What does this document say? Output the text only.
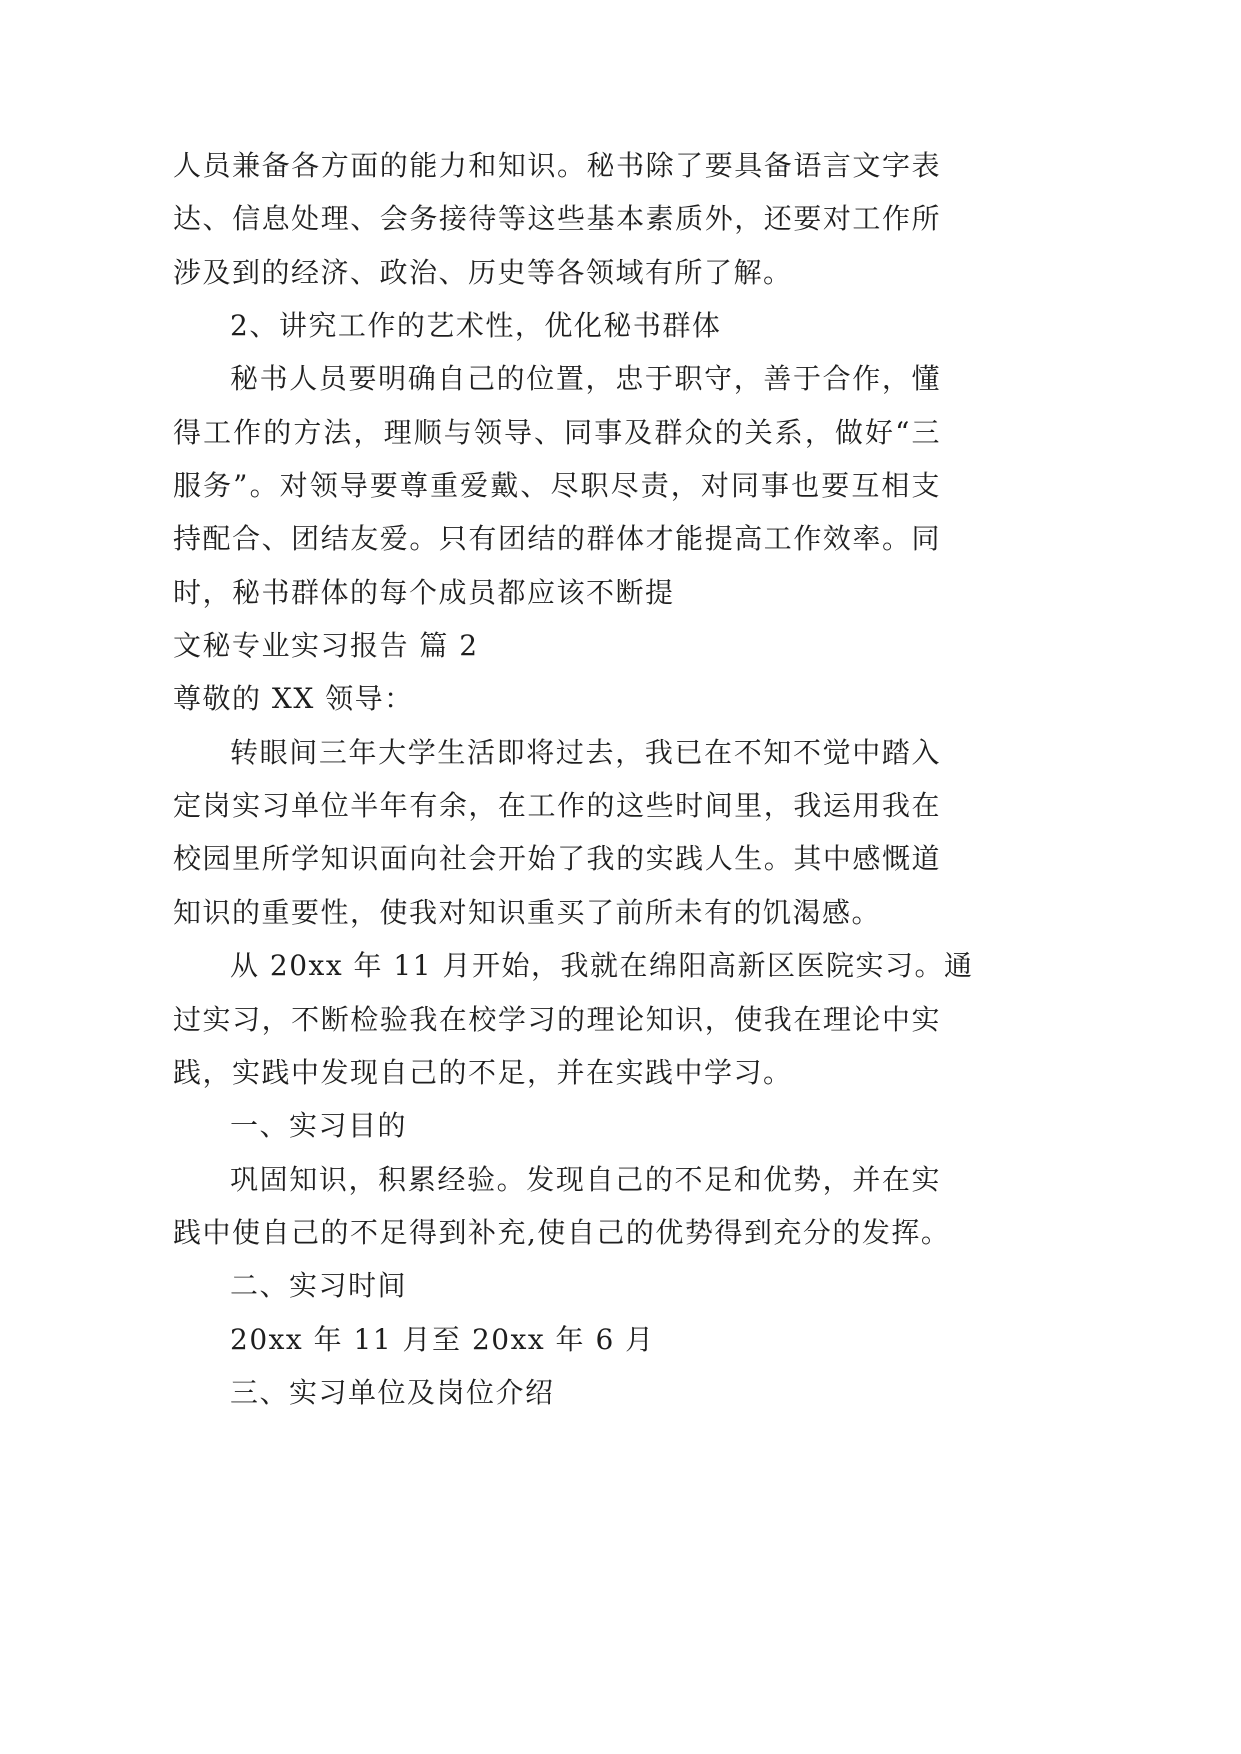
人员兼备各方面的能力和知识。秘书除了要具备语言文字表
达、信息处理、会务接待等这些基本素质外，还要对工作所
涉及到的经济、政治、历史等各领域有所了解。
2、讲究工作的艺术性，优化秘书群体
秘书人员要明确自己的位置，忠于职守，善于合作，懂
得工作的方法，理顺与领导、同事及群众的关系，做好“三
服务”。对领导要尊重爱戴、尽职尽责，对同事也要互相支
持配合、团结友爱。只有团结的群体才能提高工作效率。同
时，秘书群体的每个成员都应该不断提
文秘专业实习报告 篇 2
尊敬的 XX 领导：
转眼间三年大学生活即将过去，我已在不知不觉中踏入
定岗实习单位半年有余，在工作的这些时间里，我运用我在
校园里所学知识面向社会开始了我的实践人生。其中感慨道
知识的重要性，使我对知识重买了前所未有的饥渴感。
从 20xx 年 11 月开始，我就在绵阳高新区医院实习。通
过实习，不断检验我在校学习的理论知识，使我在理论中实
践，实践中发现自己的不足，并在实践中学习。
一、实习目的
巩固知识，积累经验。发现自己的不足和优势，并在实
践中使自己的不足得到补充,使自己的优势得到充分的发挥。
二、实习时间
20xx 年 11 月至 20xx 年 6 月
三、实习单位及岗位介绍
